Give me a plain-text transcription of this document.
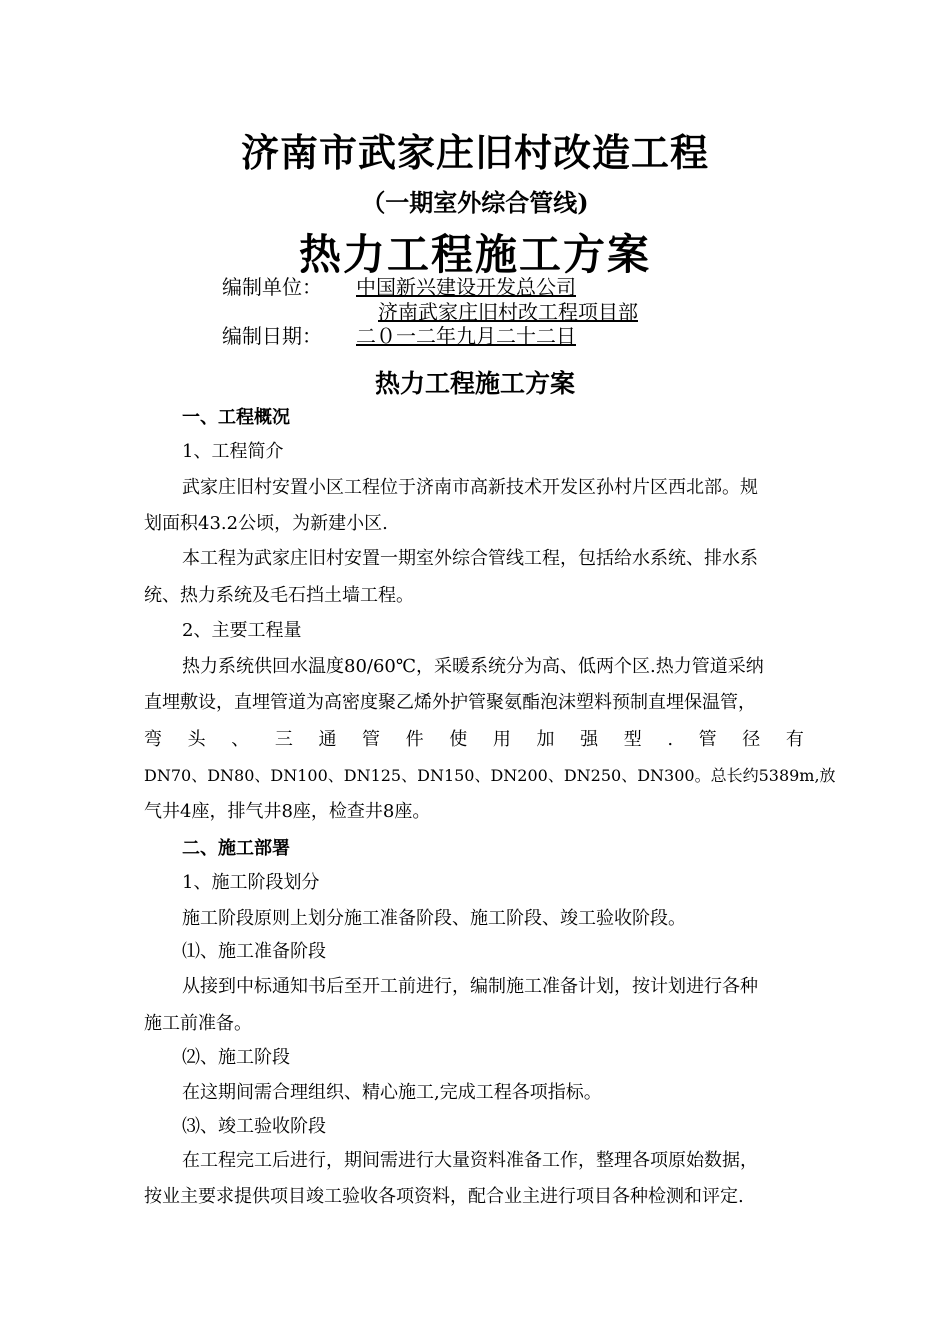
济南市武家庄旧村改造工程
（一期室外综合管线)
热力工程施工方案
编制单位： 中国新兴建设开发总公司
济南武家庄旧村改工程项目部
编制日期： 二０一二年九月二十二日
热力工程施工方案
一、工程概况
1、工程简介
武家庄旧村安置小区工程位于济南市高新技术开发区孙村片区西北部。规
划面积43.2公顷，为新建小区.
本工程为武家庄旧村安置一期室外综合管线工程，包括给水系统、排水系
统、热力系统及毛石挡土墙工程。
2、主要工程量
热力系统供回水温度80/60℃，采暖系统分为高、低两个区.热力管道采纳
直埋敷设，直埋管道为高密度聚乙烯外护管聚氨酯泡沫塑料预制直埋保温管，
弯 头 、 三 通 管 件 使 用 加 强 型 . 管 径 有
DN70、DN80、DN100、DN125、DN150、DN200、DN250、DN300。总长约5389m,放
气井4座，排气井8座，检查井8座。
二、施工部署
1、施工阶段划分
施工阶段原则上划分施工准备阶段、施工阶段、竣工验收阶段。
⑴、施工准备阶段
从接到中标通知书后至开工前进行，编制施工准备计划，按计划进行各种
施工前准备。
⑵、施工阶段
在这期间需合理组织、精心施工,完成工程各项指标。
⑶、竣工验收阶段
在工程完工后进行，期间需进行大量资料准备工作，整理各项原始数据，
按业主要求提供项目竣工验收各项资料，配合业主进行项目各种检测和评定.
